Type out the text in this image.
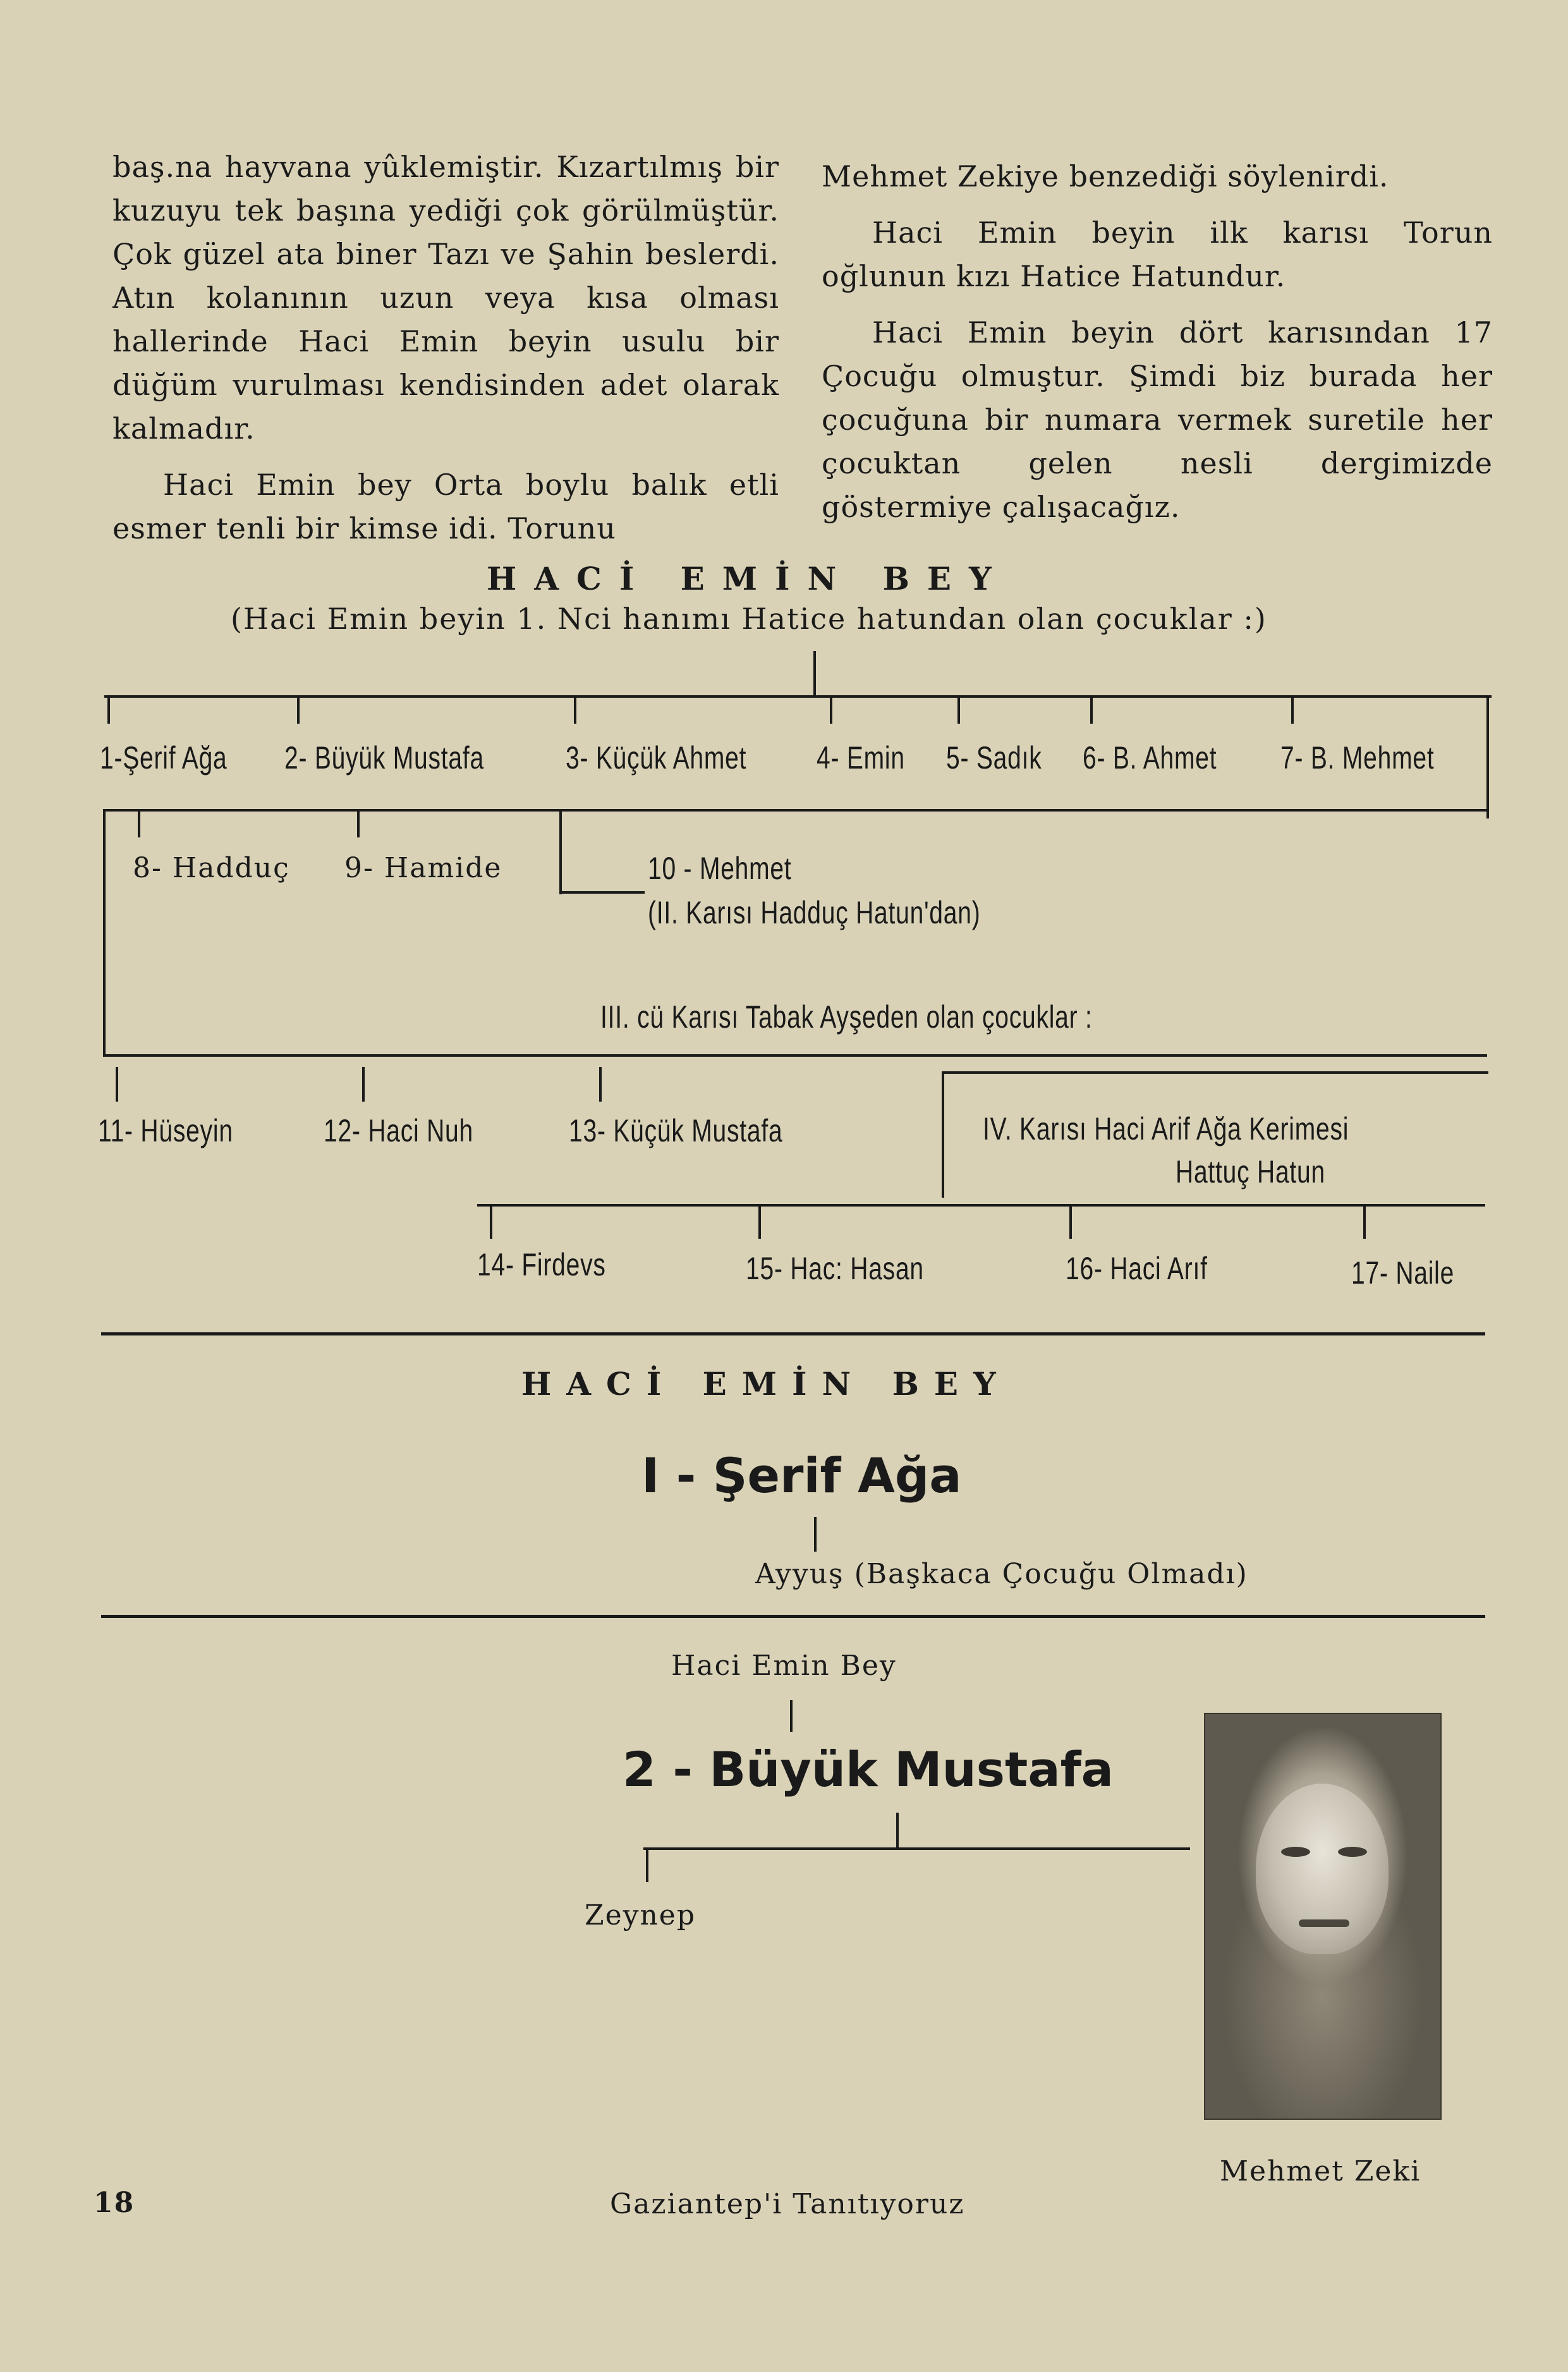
baş.na hayvana yûklemiştir. Kızartılmış bir kuzuyu tek başına yediği çok görülmüştür. Çok güzel ata biner Tazı ve Şahin beslerdi. Atın kolanının uzun veya kısa olması hallerinde Haci Emin beyin usulu bir düğüm vurulması kendisinden adet olarak kalmadır.

Haci Emin bey Orta boylu balık etli esmer tenli bir kimse idi. Torunu

Mehmet Zekiye benzediği söylenirdi.

Haci Emin beyin ilk karısı Torun oğlunun kızı Hatice Hatundur.

Haci Emin beyin dört karısından 17 Çocuğu olmuştur. Şimdi biz burada her çocuğuna bir numara vermek suretile her çocuktan gelen nesli dergimizde göstermiye çalışacağız.

HACİ EMİN BEY
(Haci Emin beyin 1. Nci hanımı Hatice hatundan olan çocuklar :)
1-Şerif Ağa 2- Büyük Mustafa	3- Küçük Ahmet 4- Emin 5- Sadık 6- B. Ahmet 7- B. Mehmet
8- Hadduç 9- Hamide	10 - Mehmet
(II. Karısı Hadduç Hatun'dan)
III. cü Karısı Tabak Ayşeden olan çocuklar :
11- Hüseyin	12- Haci Nuh	13- Küçük Mustafa	IV. Karısı Haci Arif Ağa Kerimesi
Hattuç Hatun
14- Firdevs	15- Hac: Hasan	16- Haci Arıf	17- Naile
HACİ EMİN BEY
I - Şerif Ağa
Ayyuş (Başkaca Çocuğu Olmadı)
Haci Emin Bey
2 - Büyük Mustafa
Zeynep
Mehmet Zeki
18	Gaziantep'i Tanıtıyoruz
